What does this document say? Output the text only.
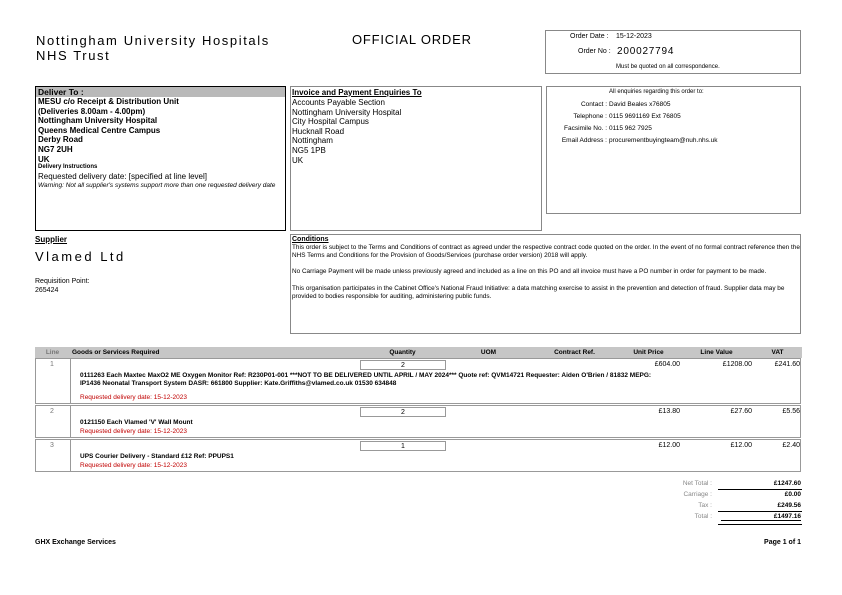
Nottingham University Hospitals
NHS Trust
OFFICIAL ORDER	Order Date : 15-12-2023
Order No : 200027794
Must be quoted on all correspondence.
Deliver To :
MESU c/o Receipt & Distribution Unit
(Deliveries 8.00am - 4.00pm)
Nottingham University Hospital
Queens Medical Centre Campus
Derby Road
NG7 2UH
UK
Delivery Instructions
Requested delivery date: [specified at line level]
Warning: Not all supplier's systems support more than one requested delivery date
Invoice and Payment Enquiries To
Accounts Payable Section
Nottingham University Hospital
City Hospital Campus
Hucknall Road
Nottingham
NG5 1PB
UK
All enquiries regarding this order to:
Contact : David Beales x76805
Telephone : 0115 9691169 Ext 76805
Facsimile No. : 0115 962 7925
Email Address : procurementbuyingteam@nuh.nhs.uk
Supplier
Vlamed Ltd
Requisition Point:
265424
Conditions
This order is subject to the Terms and Conditions of contract as agreed under the respective contract code quoted on the order. In the event of no formal contract reference then the NHS Terms and Conditions for the Provision of Goods/Services (purchase order version) 2018 will apply.
No Carriage Payment will be made unless previously agreed and included as a line on this PO and all invoice must have a PO number in order for payment to be made.
This organisation participates in the Cabinet Office's National Fraud Initiative: a data matching exercise to assist in the prevention and detection of fraud. Supplier data may be provided to bodies responsible for auditing, administering public funds.
Line	Goods or Services Required	Quantity	UOM	Contract Ref.	Unit Price	Line Value	VAT
1	2	£604.00	£1208.00	£241.60
0111263 Each Maxtec MaxO2 ME Oxygen Monitor Ref: R230P01-001 ***NOT TO BE DELIVERED UNTIL APRIL / MAY 2024*** Quote ref: QVM14721 Requester: Aiden O'Brien / 81832 MEPG:
IP1436 Neonatal Transport System DASR: 661800 Supplier: Kate.Griffiths@vlamed.co.uk 01530 634848
Requested delivery date: 15-12-2023
2	2	£13.80	£27.60	£5.56
0121150 Each Vlamed 'V' Wall Mount
Requested delivery date: 15-12-2023
3	1	£12.00	£12.00	£2.40
UPS Courier Delivery - Standard £12 Ref: PPUPS1
Requested delivery date: 15-12-2023
Net Total :	£1247.60
Carriage :	£0.00
Tax :	£249.56
Total :	£1497.16
GHX Exchange Services	Page 1 of 1
